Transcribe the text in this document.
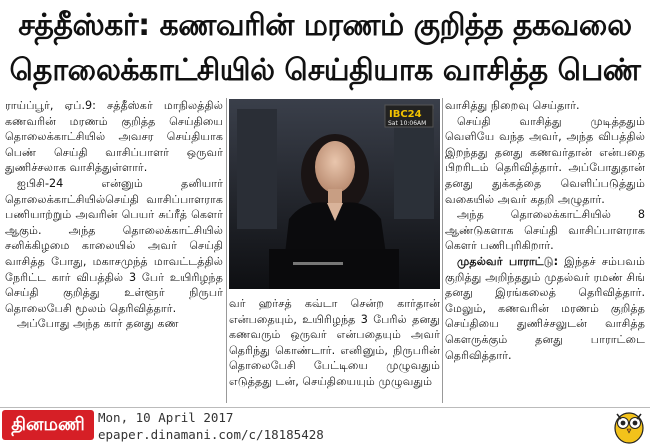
சத்தீஸ்கர்: கணவரின் மரணம் குறித்த தகவலை
தொலைக்காட்சியில் செய்தியாக வாசித்த பெண்

ராய்ப்பூர், ஏப்.9: சத்தீஸ்கர் மாநிலத்தில் கணவரின் மரணம் குறித்த செய்தியை தொலைக்காட்சியில் அவசர செய்தியாக பெண் செய்தி வாசிப்பாளர் ஒருவர் துணிச்சலாக வாசித்துள்ளார்.

ஐபிசி-24 என்னும் தனியார் தொலைக்காட்சியில்செய்தி வாசிப்பாளராக பணியாற்றும் அவரின் பெயர் சுப்ரீத் கௌர் ஆகும். அந்த தொலைக்காட்சியில் சனிக்கிழமை காலையில் அவர் செய்தி வாசித்த போது, மகாசமுந்த் மாவட்டத்தில் நேரிட்ட கார் விபத்தில் 3 பேர் உயிரிழந்த செய்தி குறித்து உள்ளூர் நிருபர் தொலைபேசி மூலம் தெரிவித்தார்.

அப்போது அந்த கார் தனது கண

IBC24
Sat 10:06AM

வர் ஹர்சத் கவ்டா சென்ற கார்தான் என்பதையும், உயிரிழந்த 3 பேரில் தனது கணவரும் ஒருவர் என்பதையும் அவர் தெரிந்து கொண்டார். எனினும், நிருபரின் தொலைபேசி பேட்டியை முழுவதும் எடுத்தது டன், செய்தியையும் முழுவதும்

வாசித்து நிறைவு செய்தார்.

செய்தி வாசித்து முடித்ததும் வெளியே வந்த அவர், அந்த விபத்தில் இறந்தது தனது கணவர்தான் என்பதை பிறரிடம் தெரிவித்தார். அப்போதுதான் தனது துக்கத்தை வெளிப்படுத்தும் வகையில் அவர் கதறி அழுதார்.

அந்த தொலைக்காட்சியில் 8 ஆண்டுகளாக செய்தி வாசிப்பாளராக கௌர் பணிபுரிகிறார்.

முதல்வர் பாராட்டு: இந்தச் சம்பவம் குறித்து அறிந்ததும் முதல்வர் ரமண் சிங் தனது இரங்கலைத் தெரிவித்தார். மேலும், கணவரின் மரணம் குறித்த செய்தியை துணிச்சலுடன் வாசித்த கௌருக்கும் தனது பாராட்டை தெரிவித்தார்.

தினமணி	Mon, 10 April 2017
epaper.dinamani.com/c/18185428
